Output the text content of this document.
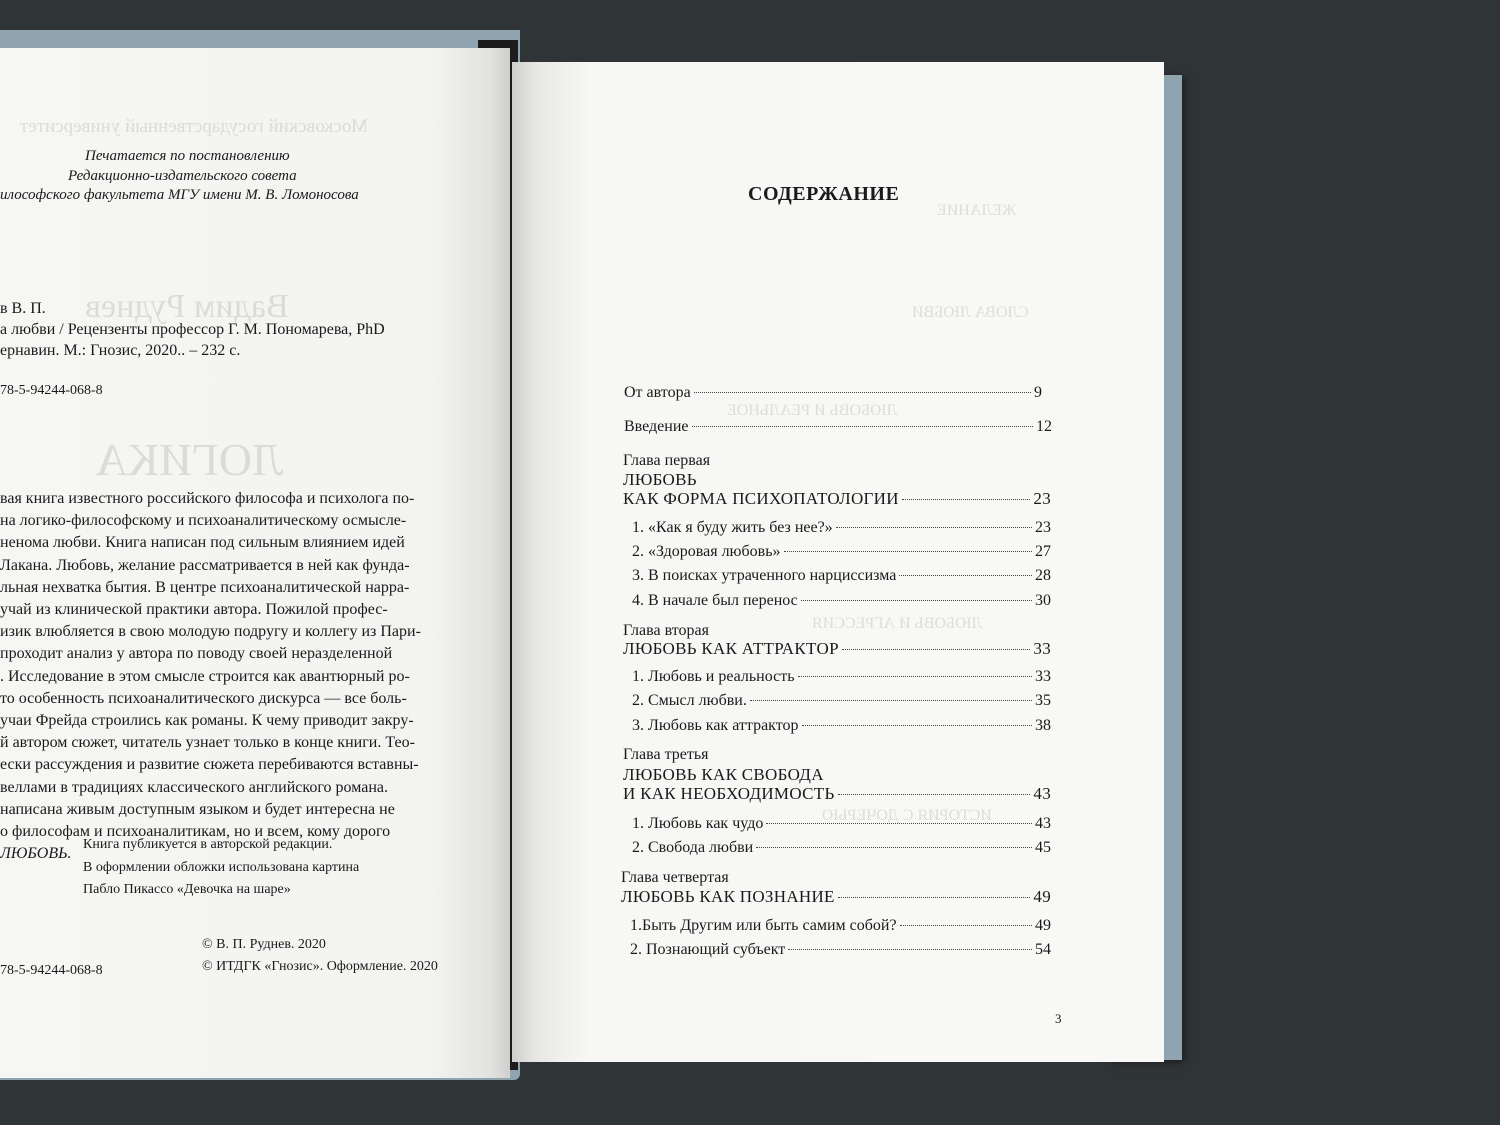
Московский государственный университет
Вадим Руднев
ЛОГИКА
Печатается по постановлению
Редакционно-издательского совета
илософского факультета МГУ имени М. В. Ломоносова
в В. П.
а любви / Рецензенты профессор Г. М. Пономарева, PhD
ернавин. М.: Гнозис, 2020.. – 232 с.
78-5-94244-068-8
вая книга известного российского философа и психолога по-
на логико-философскому и психоаналитическому осмысле-
ненома любви. Книга написан под сильным влиянием идей
Лакана. Любовь, желание рассматривается в ней как фунда-
льная нехватка бытия. В центре психоаналитической нарра-
учай из клинической практики автора. Пожилой профес-
изик влюбляется в свою молодую подругу и коллегу из Пари-
проходит анализ у автора по поводу своей неразделенной
. Исследование в этом смысле строится как авантюрный ро-
то особенность психоаналитического дискурса — все боль-
учаи Фрейда строились как романы. К чему приводит закру-
й автором сюжет, читатель узнает только в конце книги. Тео-
ески рассуждения и развитие сюжета перебиваются вставны-
веллами в традициях классического английского романа.
написана живым доступным языком и будет интересна не
о философам и психоаналитикам, но и всем, кому дорого
ЛЮБОВЬ.
Книга публикуется в авторской редакции.
В оформлении обложки использована картина
Пабло Пикассо «Девочка на шаре»
78-5-94244-068-8
© В. П. Руднев. 2020
© ИТДГК «Гнозис». Оформление. 2020
ЖЕЛАНИЕ
СЛОВА ЛЮБВИ
ЛЮБОВЬ И РЕАЛЬНОЕ
ЛЮБОВЬ И АГРЕССИЯ
ИСТОРИЯ С ДОЧЕРЬЮ
СОДЕРЖАНИЕ
От автора	9
Введение	12
Глава первая
ЛЮБОВЬ
КАК ФОРМА ПСИХОПАТОЛОГИИ	23
1. «Как я буду жить без нее?»	23
2. «Здоровая любовь»	27
3. В поисках утраченного нарциссизма	28
4. В начале был перенос	30
Глава вторая
ЛЮБОВЬ КАК АТТРАКТОР	33
1. Любовь и реальность	33
2. Смысл любви.	35
3. Любовь как аттрактор	38
Глава третья
ЛЮБОВЬ КАК СВОБОДА
И КАК НЕОБХОДИМОСТЬ	43
1. Любовь как чудо	43
2. Свобода любви	45
Глава четвертая
ЛЮБОВЬ КАК ПОЗНАНИЕ	49
1.Быть Другим или быть самим собой?	49
2. Познающий субъект	54
3
